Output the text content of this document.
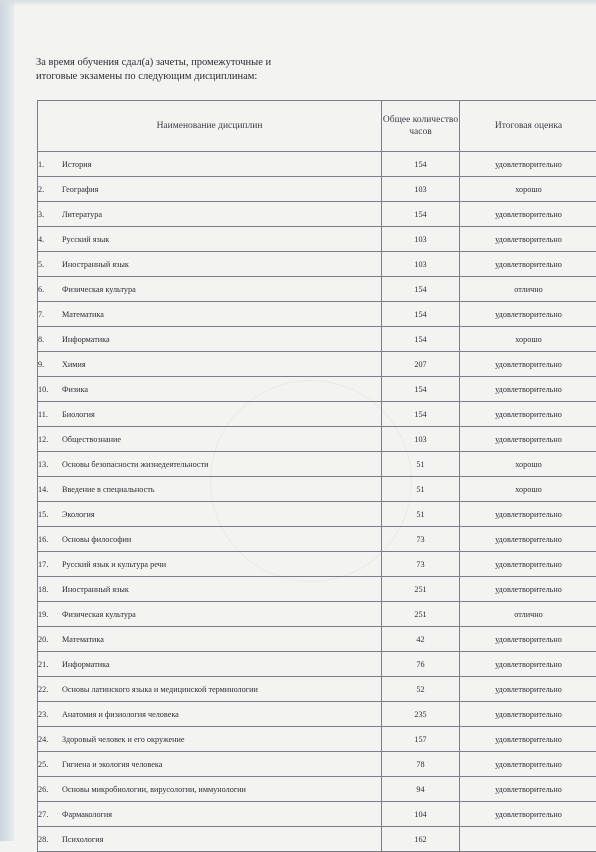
За время обучения сдал(а) зачеты, промежуточные и
итоговые экзамены по следующим дисциплинам:
Наименование дисциплин	Общее количество часов	Итоговая оценка
1. История	154	удовлетворительно
2. География	103	хорошо
3. Литература	154	удовлетворительно
4. Русский язык	103	удовлетворительно
5. Иностранный язык	103	удовлетворительно
6. Физическая культура	154	отлично
7. Математика	154	удовлетворительно
8. Информатика	154	хорошо
9. Химия	207	удовлетворительно
10. Физика	154	удовлетворительно
11. Биология	154	удовлетворительно
12. Обществознание	103	удовлетворительно
13. Основы безопасности жизнедеятельности	51	хорошо
14. Введение в специальность	51	хорошо
15. Экология	51	удовлетворительно
16. Основы философии	73	удовлетворительно
17. Русский язык и культура речи	73	удовлетворительно
18. Иностранный язык	251	удовлетворительно
19. Физическая культура	251	отлично
20. Математика	42	удовлетворительно
21. Информатика	76	удовлетворительно
22. Основы латинского языка и медицинской терминологии	52	удовлетворительно
23. Анатомия и физиология человека	235	удовлетворительно
24. Здоровый человек и его окружение	157	удовлетворительно
25. Гигиена и экология человека	78	удовлетворительно
26. Основы микробиологии, вирусологии, иммунологии	94	удовлетворительно
27. Фармакология	104	удовлетворительно
28. Психология	162	
